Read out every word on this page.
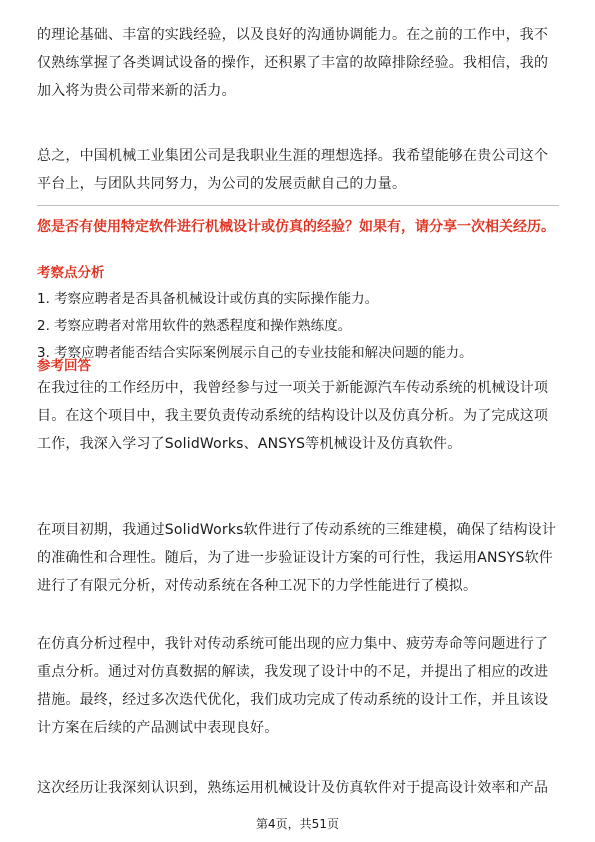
的理论基础、丰富的实践经验，以及良好的沟通协调能力。在之前的工作中，我不仅熟练掌握了各类调试设备的操作，还积累了丰富的故障排除经验。我相信，我的加入将为贵公司带来新的活力。

总之，中国机械工业集团公司是我职业生涯的理想选择。我希望能够在贵公司这个平台上，与团队共同努力，为公司的发展贡献自己的力量。

您是否有使用特定软件进行机械设计或仿真的经验？如果有，请分享一次相关经历。

考察点分析

1. 考察应聘者是否具备机械设计或仿真的实际操作能力。

2. 考察应聘者对常用软件的熟悉程度和操作熟练度。

3. 考察应聘者能否结合实际案例展示自己的专业技能和解决问题的能力。

参考回答

在我过往的工作经历中，我曾经参与过一项关于新能源汽车传动系统的机械设计项目。在这个项目中，我主要负责传动系统的结构设计以及仿真分析。为了完成这项工作，我深入学习了SolidWorks、ANSYS等机械设计及仿真软件。

在项目初期，我通过SolidWorks软件进行了传动系统的三维建模，确保了结构设计的准确性和合理性。随后，为了进一步验证设计方案的可行性，我运用ANSYS软件进行了有限元分析，对传动系统在各种工况下的力学性能进行了模拟。

在仿真分析过程中，我针对传动系统可能出现的应力集中、疲劳寿命等问题进行了重点分析。通过对仿真数据的解读，我发现了设计中的不足，并提出了相应的改进措施。最终，经过多次迭代优化，我们成功完成了传动系统的设计工作，并且该设计方案在后续的产品测试中表现良好。

这次经历让我深刻认识到，熟练运用机械设计及仿真软件对于提高设计效率和产品

第4页，共51页
